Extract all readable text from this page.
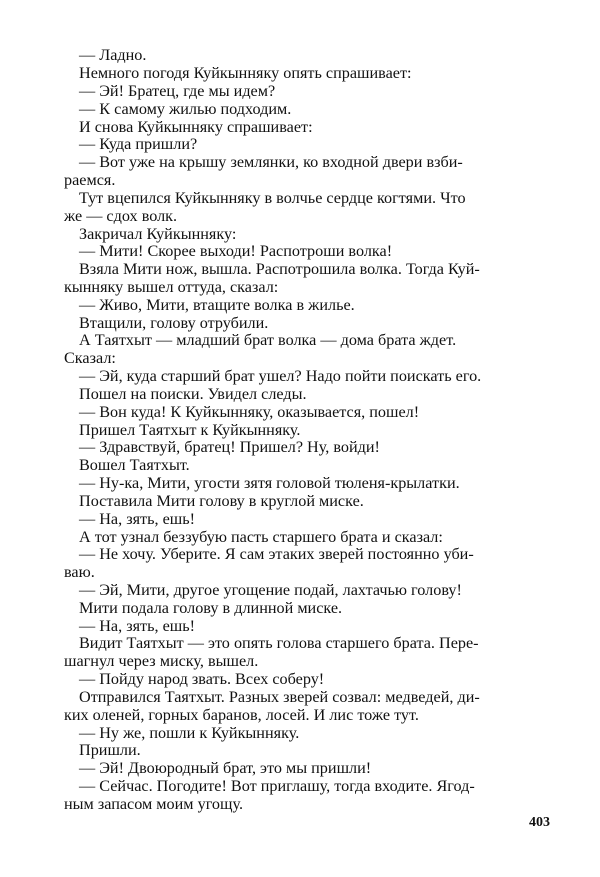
— Ладно.
Немного погодя Куйкынняку опять спрашивает:
— Эй! Братец, где мы идем?
— К самому жилью подходим.
И снова Куйкынняку спрашивает:
— Куда пришли?
— Вот уже на крышу землянки, ко входной двери взби-
раемся.
Тут вцепился Куйкынняку в волчье сердце когтями. Что
же — сдох волк.
Закричал Куйкынняку:
— Мити! Скорее выходи! Распотроши волка!
Взяла Мити нож, вышла. Распотрошила волка. Тогда Куй-
кынняку вышел оттуда, сказал:
— Живо, Мити, втащите волка в жилье.
Втащили, голову отрубили.
А Таятхыт — младший брат волка — дома брата ждет.
Сказал:
— Эй, куда старший брат ушел? Надо пойти поискать его.
Пошел на поиски. Увидел следы.
— Вон куда! К Куйкынняку, оказывается, пошел!
Пришел Таятхыт к Куйкынняку.
— Здравствуй, братец! Пришел? Ну, войди!
Вошел Таятхыт.
— Ну-ка, Мити, угости зятя головой тюленя-крылатки.
Поставила Мити голову в круглой миске.
— На, зять, ешь!
А тот узнал беззубую пасть старшего брата и сказал:
— Не хочу. Уберите. Я сам этаких зверей постоянно уби-
ваю.
— Эй, Мити, другое угощение подай, лахтачью голову!
Мити подала голову в длинной миске.
— На, зять, ешь!
Видит Таятхыт — это опять голова старшего брата. Пере-
шагнул через миску, вышел.
— Пойду народ звать. Всех соберу!
Отправился Таятхыт. Разных зверей созвал: медведей, ди-
ких оленей, горных баранов, лосей. И лис тоже тут.
— Ну же, пошли к Куйкынняку.
Пришли.
— Эй! Двоюродный брат, это мы пришли!
— Сейчас. Погодите! Вот приглашу, тогда входите. Ягод-
ным запасом моим угощу.
403
